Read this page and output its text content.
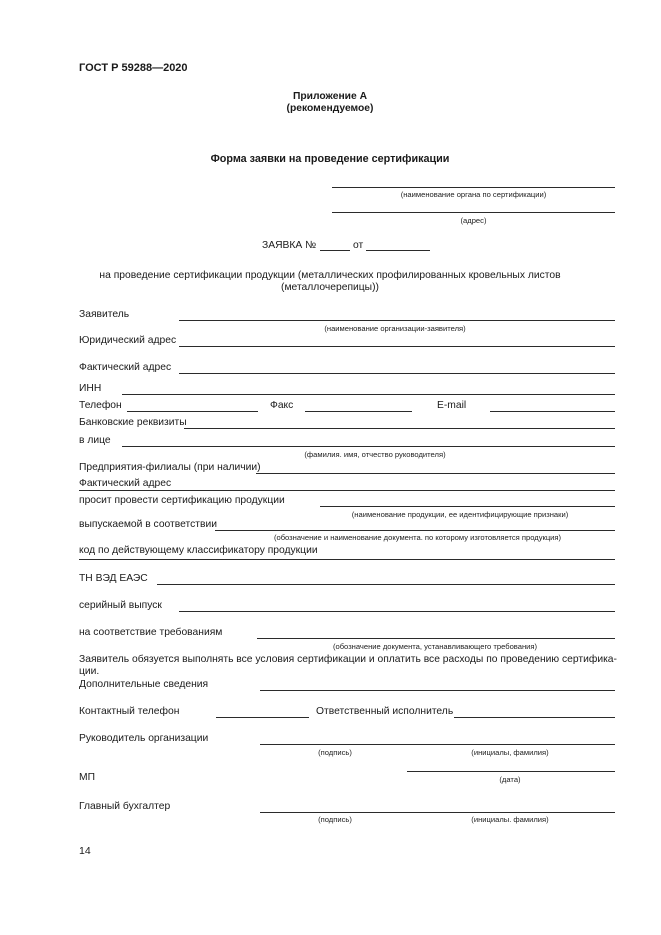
ГОСТ Р 59288—2020
Приложение А
(рекомендуемое)
Форма заявки на проведение сертификации
(наименование органа по сертификации)
(адрес)
ЗАЯВКА №	от
на проведение сертификации продукции (металлических профилированных кровельных листов
(металлочерепицы))
Заявитель
(наименование организации-заявителя)
Юридический адрес
Фактический адрес
ИНН
Телефон	Факс	E-mail
Банковские реквизиты
в лице
(фамилия. имя, отчество руководителя)
Предприятия-филиалы (при наличии)
Фактический адрес
просит провести сертификацию продукции
(наименование продукции, ее идентифицирующие признаки)
выпускаемой в соответствии
(обозначение и наименование документа. по которому изготовляется продукция)
код по действующему классификатору продукции
ТН ВЭД ЕАЭС
серийный выпуск
на соответствие требованиям
(обозначение документа, устанавливающего требования)
Заявитель обязуется выполнять все условия сертификации и оплатить все расходы по проведению сертифика-
ции.
Дополнительные сведения
Контактный телефон	Ответственный исполнитель
Руководитель организации
(подпись)	(инициалы, фамилия)
МП	(дата)
Главный бухгалтер
(подпись)	(инициалы. фамилия)
14
